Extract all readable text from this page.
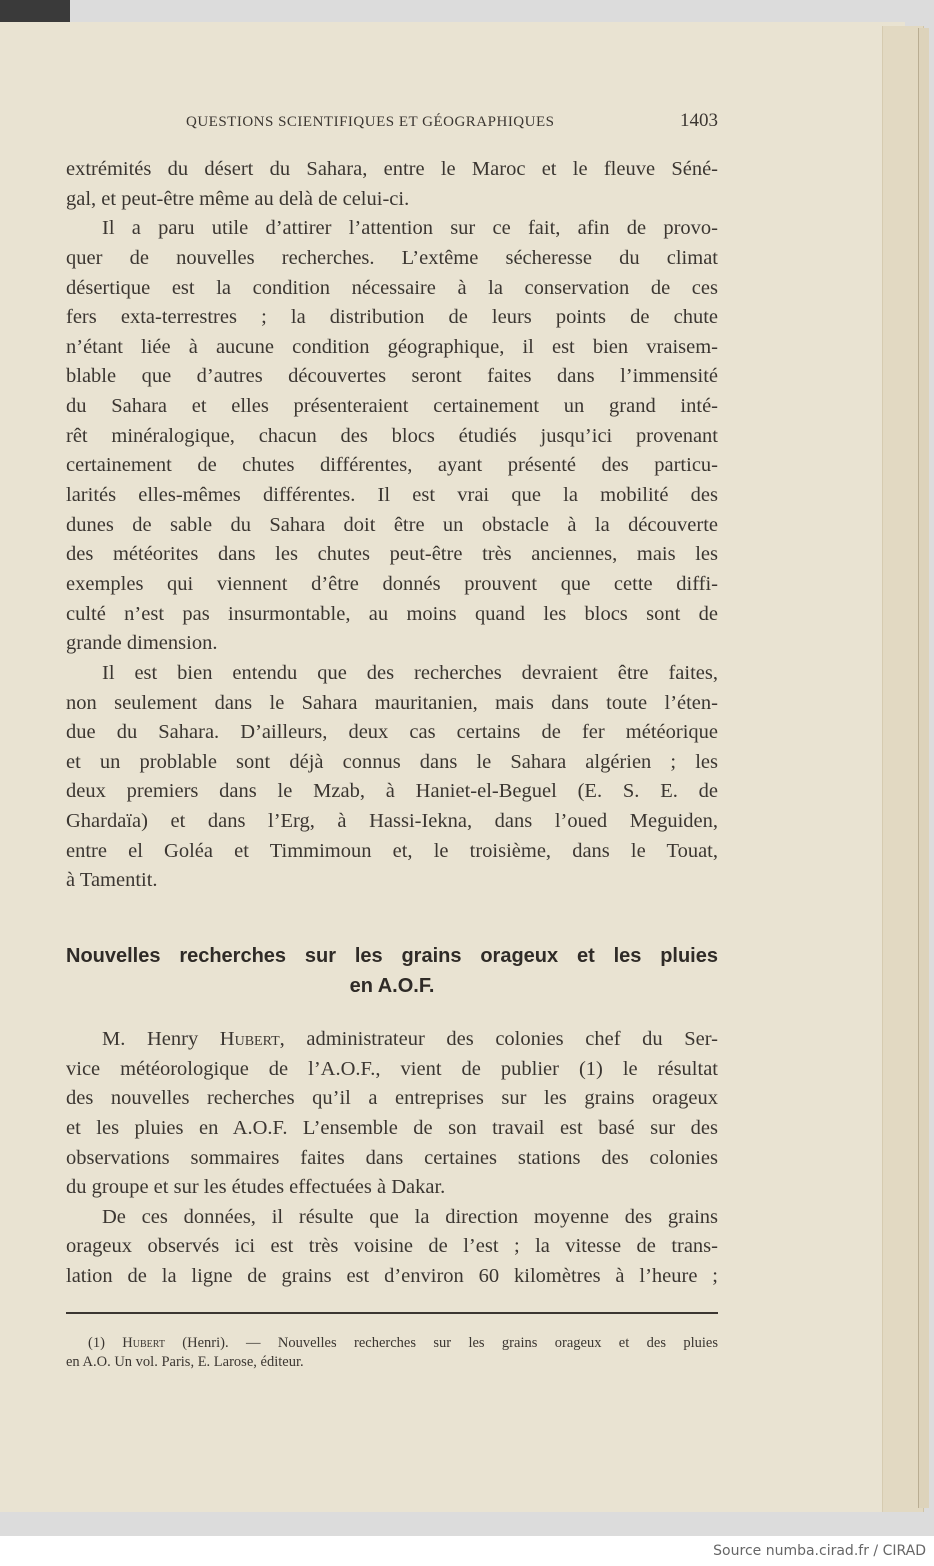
QUESTIONS SCIENTIFIQUES ET GÉOGRAPHIQUES	1403
extrémités du désert du Sahara, entre le Maroc et le fleuve Séné-
gal, et peut-être même au delà de celui-ci.
Il a paru utile d’attirer l’attention sur ce fait, afin de provo-
quer de nouvelles recherches. L’extême sécheresse du climat
désertique est la condition nécessaire à la conservation de ces
fers exta-terrestres ; la distribution de leurs points de chute
n’étant liée à aucune condition géographique, il est bien vraisem-
blable que d’autres découvertes seront faites dans l’immensité
du Sahara et elles présenteraient certainement un grand inté-
rêt minéralogique, chacun des blocs étudiés jusqu’ici provenant
certainement de chutes différentes, ayant présenté des particu-
larités elles-mêmes différentes. Il est vrai que la mobilité des
dunes de sable du Sahara doit être un obstacle à la découverte
des météorites dans les chutes peut-être très anciennes, mais les
exemples qui viennent d’être donnés prouvent que cette diffi-
culté n’est pas insurmontable, au moins quand les blocs sont de
grande dimension.
Il est bien entendu que des recherches devraient être faites,
non seulement dans le Sahara mauritanien, mais dans toute l’éten-
due du Sahara. D’ailleurs, deux cas certains de fer météorique
et un problable sont déjà connus dans le Sahara algérien ; les
deux premiers dans le Mzab, à Haniet-el-Beguel (E. S. E. de
Ghardaïa) et dans l’Erg, à Hassi-Iekna, dans l’oued Meguiden,
entre el Goléa et Timmimoun et, le troisième, dans le Touat,
à Tamentit.
Nouvelles recherches sur les grains orageux et les pluies
en A.O.F.
M. Henry Hubert, administrateur des colonies chef du Ser-
vice météorologique de l’A.O.F., vient de publier (1) le résultat
des nouvelles recherches qu’il a entreprises sur les grains orageux
et les pluies en A.O.F. L’ensemble de son travail est basé sur des
observations sommaires faites dans certaines stations des colonies
du groupe et sur les études effectuées à Dakar.
De ces données, il résulte que la direction moyenne des grains
orageux observés ici est très voisine de l’est ; la vitesse de trans-
lation de la ligne de grains est d’environ 60 kilomètres à l’heure ;
(1) Hubert (Henri). — Nouvelles recherches sur les grains orageux et des pluies
en A.O. Un vol. Paris, E. Larose, éditeur.
Source numba.cirad.fr / CIRAD
